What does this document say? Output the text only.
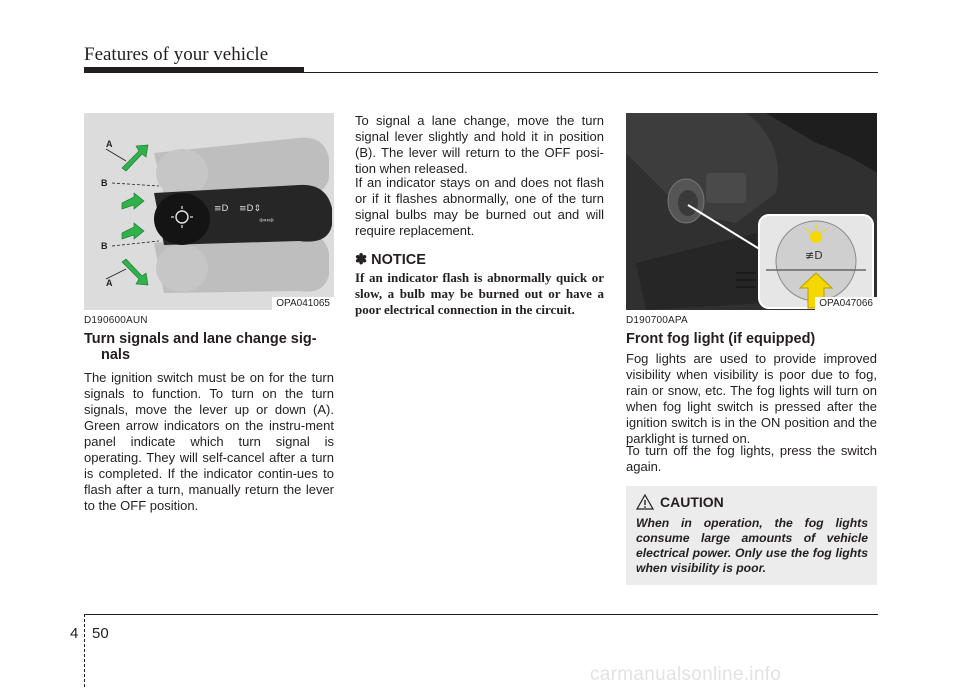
Features of your vehicle
≡D ≡D⇕
⇦⇨
A
B
B
A
OPA041065
D190600AUN
Turn signals and lane change sig-
nals

The ignition switch must be on for the turn signals to function. To turn on the turn signals, move the lever up or down (A). Green arrow indicators on the instru-ment panel indicate which turn signal is operating. They will self-cancel after a turn is completed. If the indicator contin-ues to flash after a turn, manually return the lever to the OFF position.

To signal a lane change, move the turn signal lever slightly and hold it in position (B). The lever will return to the OFF posi-tion when released.

If an indicator stays on and does not flash or if it flashes abnormally, one of the turn signal bulbs may be burned out and will require replacement.

✽ NOTICE

If an indicator flash is abnormally quick or slow, a bulb may be burned out or have a poor electrical connection in the circuit.

≢D
OPA047066
D190700APA
Front fog light (if equipped)

Fog lights are used to provide improved visibility when visibility is poor due to fog, rain or snow, etc. The fog lights will turn on when fog light switch is pressed after the ignition switch is in the ON position and the parklight is turned on.

To turn off the fog lights, press the switch again.

CAUTION

When in operation, the fog lights consume large amounts of vehicle electrical power. Only use the fog lights when visibility is poor.

4 50
carmanualsonline.info
